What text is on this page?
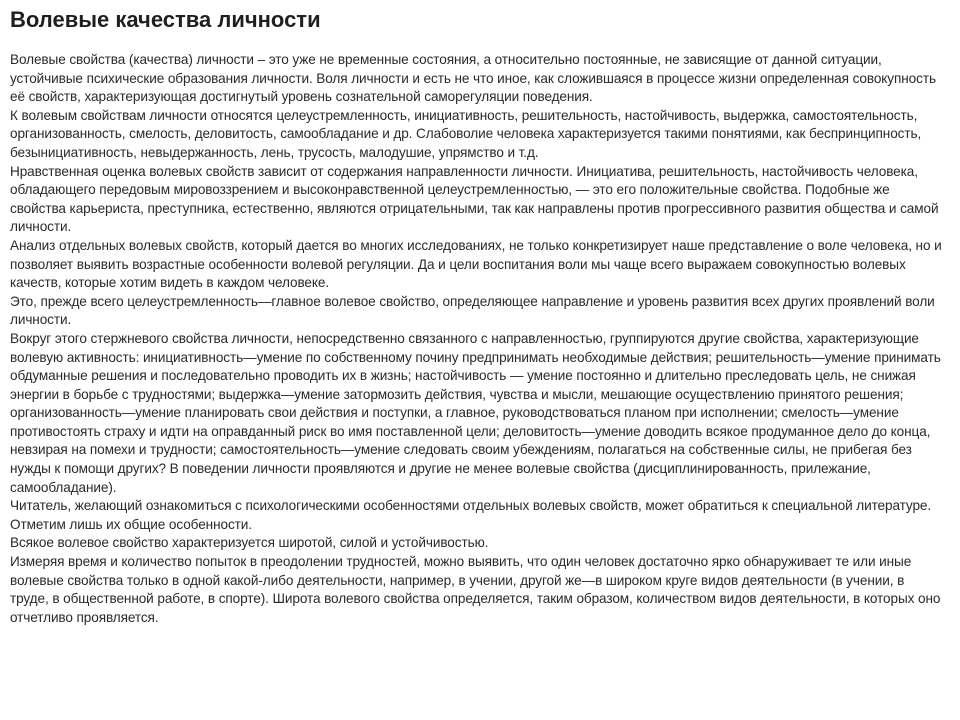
Волевые качества личности

Волевые свойства (качества) личности – это уже не временные состояния, а относительно постоянные, не зависящие от данной ситуации, устойчивые психические образования личности. Воля личности и есть не что иное, как сложившаяся в процессе жизни определенная совокупность её свойств, характеризующая достигнутый уровень сознательной саморегуляции поведения.

К волевым свойствам личности относятся целеустремленность, инициативность, решительность, настойчивость, выдержка, самостоятельность, организованность, смелость, деловитость, самообладание и др. Слабоволие человека характеризуется такими понятиями, как беспринципность, безынициативность, невыдержанность, лень, трусость, малодушие, упрямство и т.д.

Нравственная оценка волевых свойств зависит от содержания направленности личности. Инициатива, решительность, настойчивость человека, обладающего передовым мировоззрением и высоконравственной целеустремленностью, — это его положительные свойства. Подобные же свойства карьериста, преступника, естественно, являются отрицательными, так как направлены против прогрессивного развития общества и самой личности.

Анализ отдельных волевых свойств, который дается во многих исследованиях, не только конкретизирует наше представление о воле человека, но и позволяет выявить возрастные особенности волевой регуляции. Да и цели воспитания воли мы чаще всего выражаем совокупностью волевых качеств, которые хотим видеть в каждом человеке.

Это, прежде всего целеустремленность—главное волевое свойство, определяющее направление и уровень развития всех других проявлений воли личности.

Вокруг этого стержневого свойства личности, непосредственно связанного с направленностью, группируются другие свойства, характеризующие волевую активность: инициативность—умение по собственному почину предпринимать необходимые действия; решительность—умение принимать обдуманные решения и последовательно проводить их в жизнь; настойчивость — умение постоянно и длительно преследовать цель, не снижая энергии в борьбе с трудностями; выдержка—умение затормозить действия, чувства и мысли, мешающие осуществлению принятого решения; организованность—умение планировать свои действия и поступки, а главное, руководствоваться планом при исполнении; смелость—умение противостоять страху и идти на оправданный риск во имя поставленной цели; деловитость—умение доводить всякое продуманное дело до конца, невзирая на помехи и трудности; самостоятельность—умение следовать своим убеждениям, полагаться на собственные силы, не прибегая без нужды к помощи других? В поведении личности проявляются и другие не менее волевые свойства (дисциплинированность, прилежание, самообладание).

Читатель, желающий ознакомиться с психологическими особенностями отдельных волевых свойств, может обратиться к специальной литературе. Отметим лишь их общие особенности.

Всякое волевое свойство характеризуется широтой, силой и устойчивостью.

Измеряя время и количество попыток в преодолении трудностей, можно выявить, что один человек достаточно ярко обнаруживает те или иные волевые свойства только в одной какой-либо деятельности, например, в учении, другой же—в широком круге видов деятельности (в учении, в труде, в общественной работе, в спорте). Широта волевого свойства определяется, таким образом, количеством видов деятельности, в которых оно отчетливо проявляется.
